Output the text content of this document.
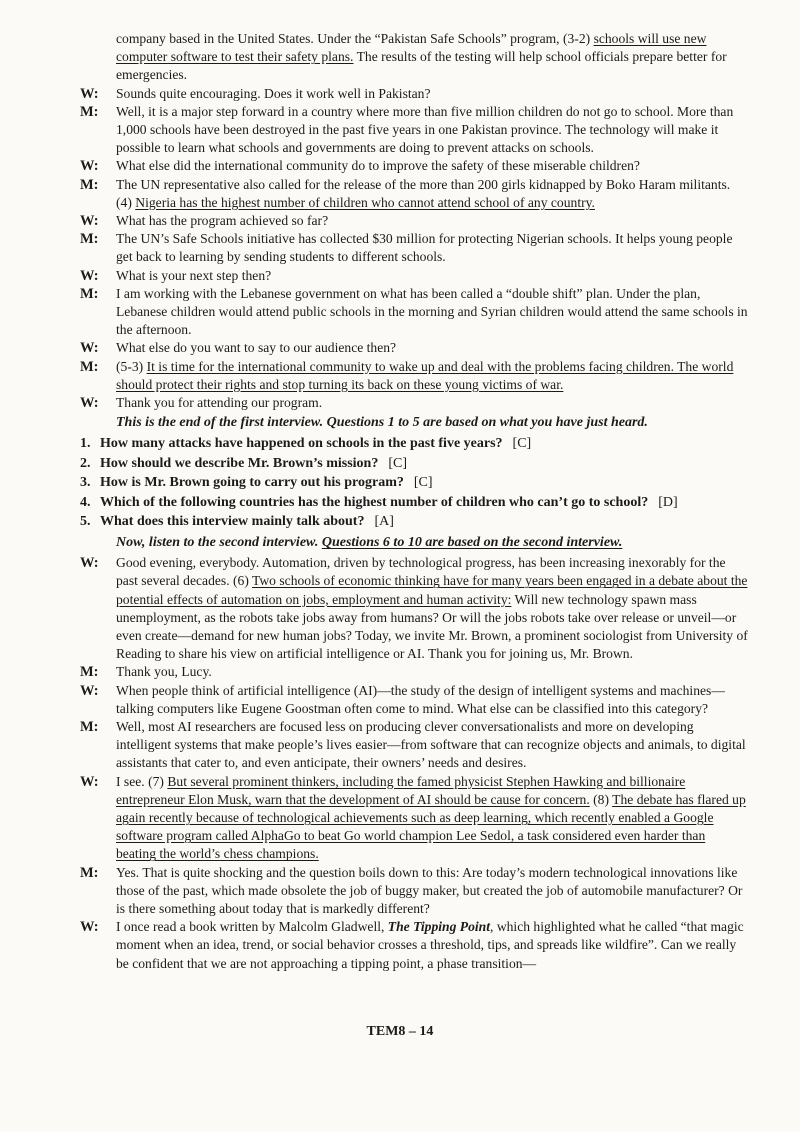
company based in the United States. Under the “Pakistan Safe Schools” program, (3-2) schools will use new computer software to test their safety plans. The results of the testing will help school officials prepare better for emergencies.

W:	Sounds quite encouraging. Does it work well in Pakistan?
M:	Well, it is a major step forward in a country where more than five million children do not go to school. More than 1,000 schools have been destroyed in the past five years in one Pakistan province. The technology will make it possible to learn what schools and governments are doing to prevent attacks on schools.
W:	What else did the international community do to improve the safety of these miserable children?
M:	The UN representative also called for the release of the more than 200 girls kidnapped by Boko Haram militants. (4) Nigeria has the highest number of children who cannot attend school of any country.
W:	What has the program achieved so far?
M:	The UN’s Safe Schools initiative has collected $30 million for protecting Nigerian schools. It helps young people get back to learning by sending students to different schools.
W:	What is your next step then?
M:	I am working with the Lebanese government on what has been called a “double shift” plan. Under the plan, Lebanese children would attend public schools in the morning and Syrian children would attend the same schools in the afternoon.
W:	What else do you want to say to our audience then?
M:	(5-3) It is time for the international community to wake up and deal with the problems facing children. The world should protect their rights and stop turning its back on these young victims of war.
W:	Thank you for attending our program.

This is the end of the first interview. Questions 1 to 5 are based on what you have just heard.

1. How many attacks have happened on schools in the past five years? [C]

2. How should we describe Mr. Brown’s mission? [C]

3. How is Mr. Brown going to carry out his program? [C]

4. Which of the following countries has the highest number of children who can’t go to school? [D]

5. What does this interview mainly talk about? [A]

Now, listen to the second interview. Questions 6 to 10 are based on the second interview.

W:	Good evening, everybody. Automation, driven by technological progress, has been increasing inexorably for the past several decades. (6) Two schools of economic thinking have for many years been engaged in a debate about the potential effects of automation on jobs, employment and human activity: Will new technology spawn mass unemployment, as the robots take jobs away from humans? Or will the jobs robots take over release or unveil—or even create—demand for new human jobs? Today, we invite Mr. Brown, a prominent sociologist from University of Reading to share his view on artificial intelligence or AI. Thank you for joining us, Mr. Brown.
M:	Thank you, Lucy.
W:	When people think of artificial intelligence (AI)—the study of the design of intelligent systems and machines—talking computers like Eugene Goostman often come to mind. What else can be classified into this category?
M:	Well, most AI researchers are focused less on producing clever conversationalists and more on developing intelligent systems that make people’s lives easier—from software that can recognize objects and animals, to digital assistants that cater to, and even anticipate, their owners’ needs and desires.
W:	I see. (7) But several prominent thinkers, including the famed physicist Stephen Hawking and billionaire entrepreneur Elon Musk, warn that the development of AI should be cause for concern. (8) The debate has flared up again recently because of technological achievements such as deep learning, which recently enabled a Google software program called AlphaGo to beat Go world champion Lee Sedol, a task considered even harder than beating the world’s chess champions.
M:	Yes. That is quite shocking and the question boils down to this: Are today’s modern technological innovations like those of the past, which made obsolete the job of buggy maker, but created the job of automobile manufacturer? Or is there something about today that is markedly different?
W:	I once read a book written by Malcolm Gladwell, The Tipping Point, which highlighted what he called “that magic moment when an idea, trend, or social behavior crosses a threshold, tips, and spreads like wildfire”. Can we really be confident that we are not approaching a tipping point, a phase transition—
TEM8 – 14
